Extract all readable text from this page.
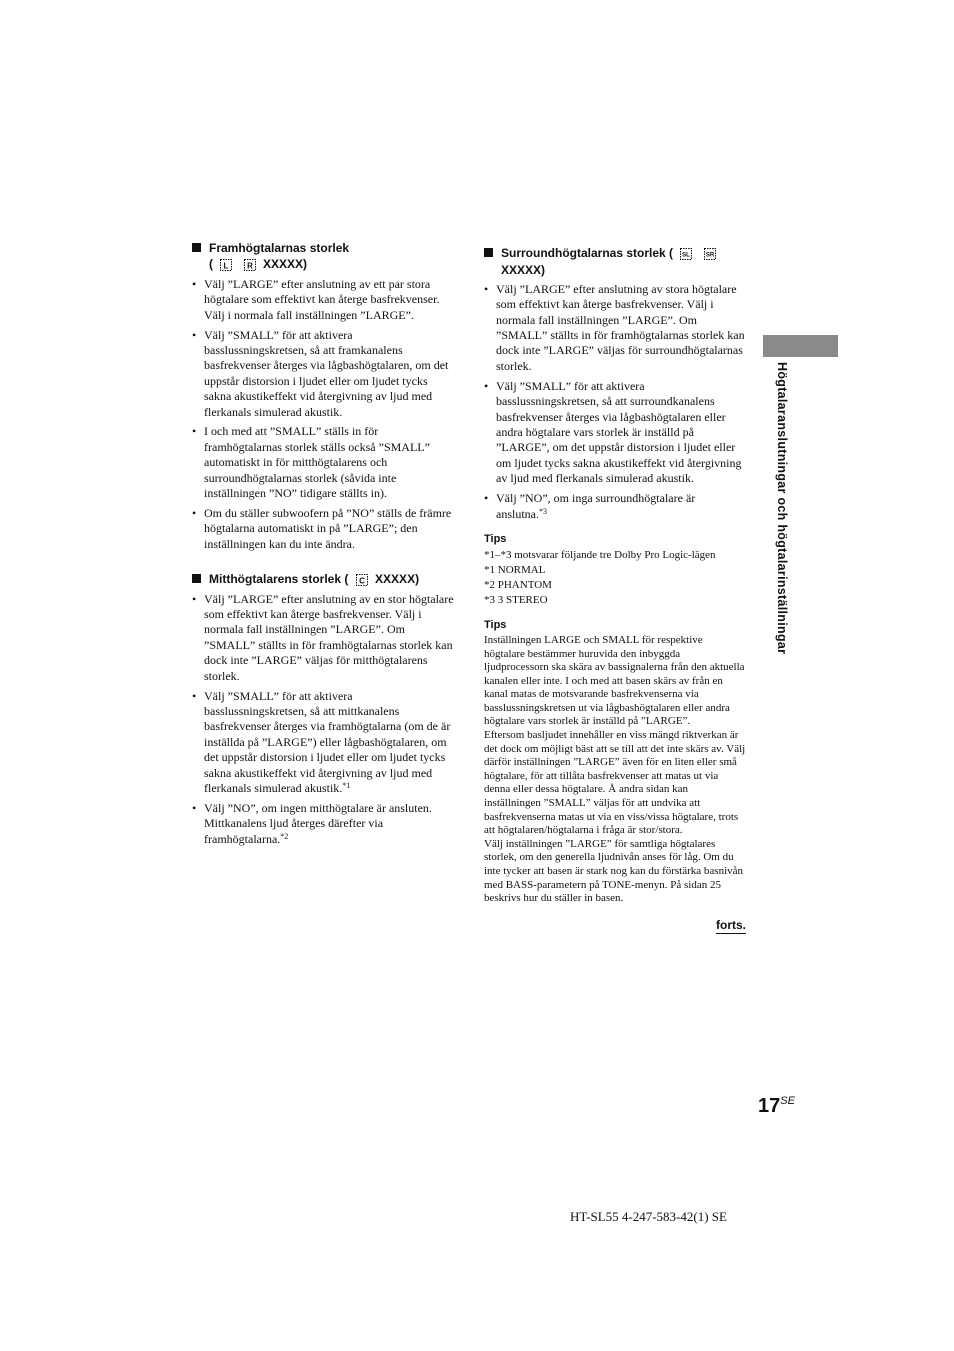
Framhögtalarnas storlek
( L
R XXXXX)
• Välj ”LARGE” efter anslutning av ett par stora högtalare som effektivt kan återge basfrekvenser. Välj i normala fall inställningen ”LARGE”.
• Välj ”SMALL” för att aktivera basslussningskretsen, så att framkanalens basfrekvenser återges via lågbashögtalaren, om det uppstår distorsion i ljudet eller om ljudet tycks sakna akustikeffekt vid återgivning av ljud med flerkanals simulerad akustik.
• I och med att ”SMALL” ställs in för framhögtalarnas storlek ställs också ”SMALL” automatiskt in för mitthögtalarens och surroundhögtalarnas storlek (såvida inte inställningen ”NO” tidigare ställts in).
• Om du ställer subwoofern på ”NO” ställs de främre högtalarna automatiskt in på ”LARGE”; den inställningen kan du inte ändra.
Mitthögtalarens storlek ( C XXXXX)
• Välj ”LARGE” efter anslutning av en stor högtalare som effektivt kan återge basfrekvenser. Välj i normala fall inställningen ”LARGE”. Om ”SMALL” ställts in för framhögtalarnas storlek kan dock inte ”LARGE” väljas för mitthögtalarens storlek.
• Välj ”SMALL” för att aktivera basslussningskretsen, så att mittkanalens basfrekvenser återges via framhögtalarna (om de är inställda på ”LARGE”) eller lågbashögtalaren, om det uppstår distorsion i ljudet eller om ljudet tycks sakna akustikeffekt vid återgivning av ljud med flerkanals simulerad akustik.$^{*1}$
• Välj ”NO”, om ingen mitthögtalare är ansluten. Mittkanalens ljud återges därefter via framhögtalarna.$^{*2}$
Surroundhögtalarnas storlek ( SL
	SR
XXXXX)
• Välj ”LARGE” efter anslutning av stora högtalare som effektivt kan återge basfrekvenser. Välj i normala fall inställningen ”LARGE”. Om ”SMALL” ställts in för framhögtalarnas storlek kan dock inte ”LARGE” väljas för surroundhögtalarnas storlek.
• Välj ”SMALL” för att aktivera basslussningskretsen, så att surroundkanalens basfrekvenser återges via lågbashögtalaren eller andra högtalare vars storlek är inställd på ”LARGE”, om det uppstår distorsion i ljudet eller om ljudet tycks sakna akustikeffekt vid återgivning av ljud med flerkanals simulerad akustik.
• Välj ”NO”, om inga surroundhögtalare är anslutna.$^{*3}$
Tips
*1–*3 motsvarar följande tre Dolby Pro Logic-lägen
*1 NORMAL
*2 PHANTOM
*3 3 STEREO
Tips

Inställningen LARGE och SMALL för respektive högtalare bestämmer huruvida den inbyggda ljudprocessorn ska skära av bassignalerna från den aktuella kanalen eller inte. I och med att basen skärs av från en kanal matas de motsvarande basfrekvenserna via basslussningskretsen ut via lågbashögtalaren eller andra högtalare vars storlek är inställd på ”LARGE”.

Eftersom basljudet innehåller en viss mängd riktverkan är det dock om möjligt bäst att se till att det inte skärs av. Välj därför inställningen ”LARGE” även för en liten eller små högtalare, för att tillåta basfrekvenser att matas ut via denna eller dessa högtalare. Å andra sidan kan inställningen ”SMALL” väljas för att undvika att basfrekvenserna matas ut via en viss/vissa högtalare, trots att högtalaren/högtalarna i fråga är stor/stora.

Välj inställningen ”LARGE” för samtliga högtalares storlek, om den generella ljudnivån anses för låg. Om du inte tycker att basen är stark nog kan du förstärka basnivån med BASS-parametern på TONE-menyn. På sidan 25 beskrivs hur du ställer in basen.

forts.
Högtalaranslutningar och högtalarinställningar
$17^{SE}$
HT-SL55 4-247-583-42(1) SE
